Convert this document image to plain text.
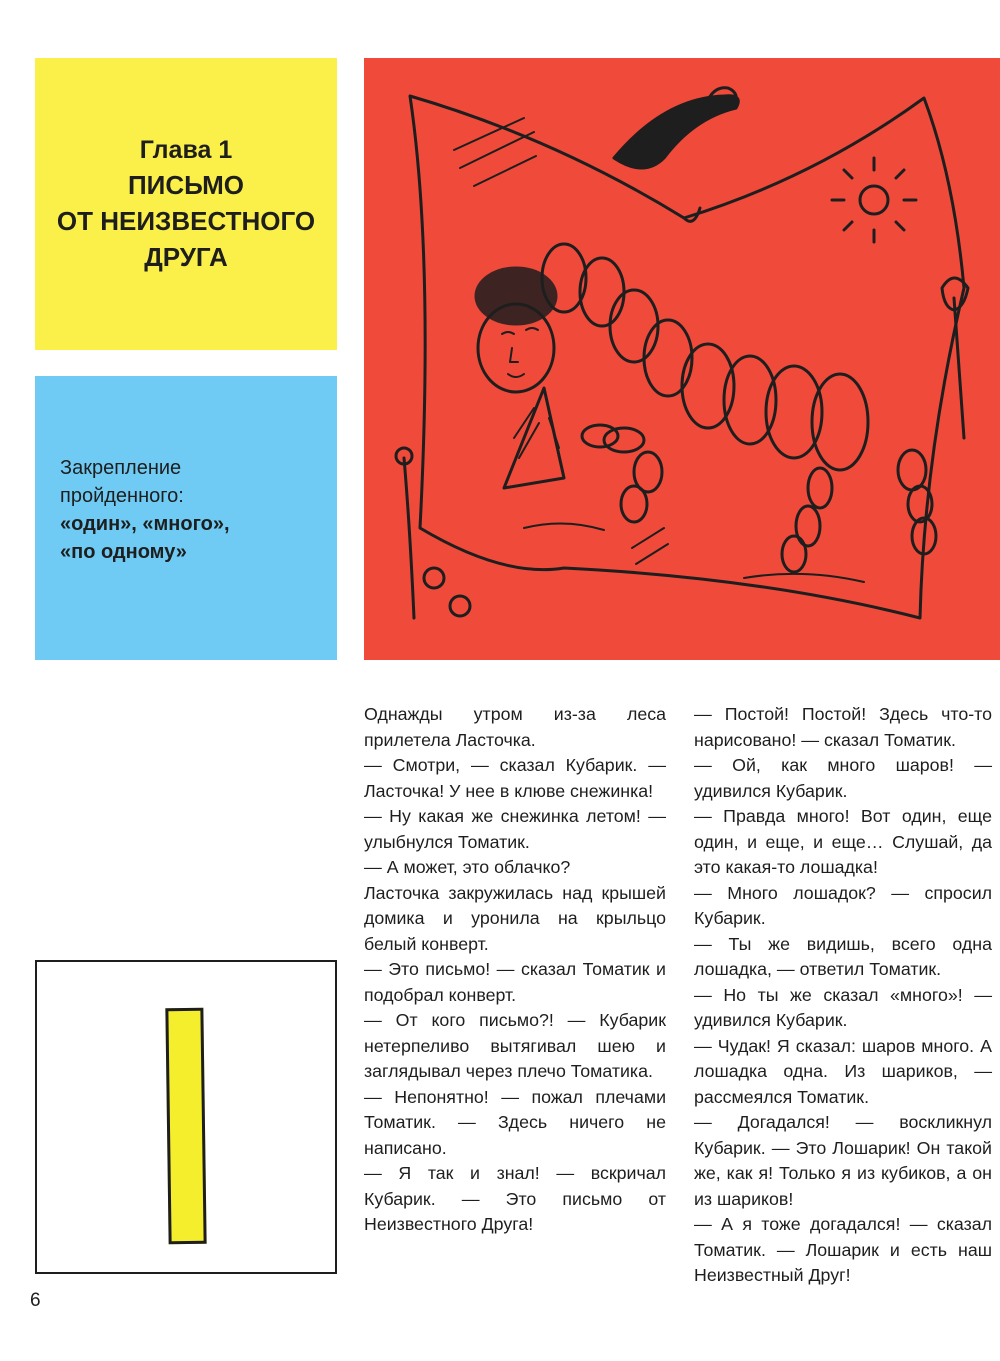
Глава 1
ПИСЬМО
ОТ НЕИЗВЕСТНОГО
ДРУГА
Закрепление
пройденного:
«один», «много»,
«по одному»

Однажды утром из-за леса прилетела Ласточка.

— Смотри, — сказал Кубарик. — Ласточка! У нее в клюве снежинка!

— Ну какая же снежинка летом! — улыбнулся Томатик.

— А может, это облачко?

Ласточка закружилась над крышей домика и уронила на крыльцо белый конверт.

— Это письмо! — сказал Томатик и подобрал конверт.

— От кого письмо?! — Кубарик нетерпеливо вытягивал шею и заглядывал через плечо Томатика.

— Непонятно! — пожал плечами Томатик. — Здесь ничего не написано.

— Я так и знал! — вскричал Кубарик. — Это письмо от Неизвестного Друга!

— Постой! Постой! Здесь что-то нарисовано! — сказал Томатик.

— Ой, как много шаров! — удивился Кубарик.

— Правда много! Вот один, еще один, и еще, и еще… Слушай, да это какая-то лошадка!

— Много лошадок? — спросил Кубарик.

— Ты же видишь, всего одна лошадка, — ответил Томатик.

— Но ты же сказал «много»! — удивился Кубарик.

— Чудак! Я сказал: шаров много. А лошадка одна. Из шариков, — рассмеялся Томатик.

— Догадался! — воскликнул Кубарик. — Это Лошарик! Он такой же, как я! Только я из кубиков, а он из шариков!

— А я тоже догадался! — сказал Томатик. — Лошарик и есть наш Неизвестный Друг!

6
